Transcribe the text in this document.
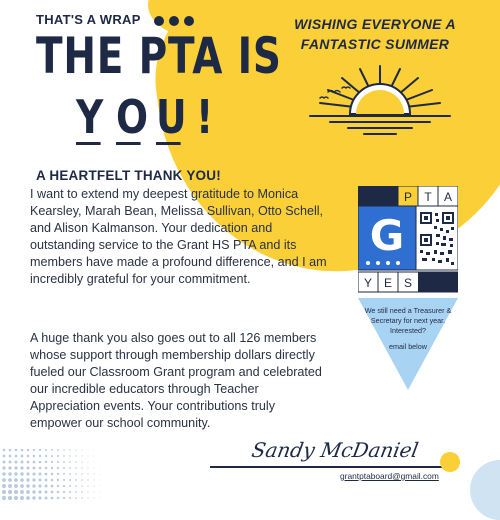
THAT'S A WRAP
THE PTA IS
Y O U !
WISHING EVERYONE A
FANTASTIC SUMMER
A HEARTFELT THANK YOU!
I want to extend my deepest gratitude to Monica Kearsley, Marah Bean, Melissa Sullivan, Otto Schell, and Alison Kalmanson. Your dedication and outstanding service to the Grant HS PTA and its members have made a profound difference, and I am incredibly grateful for your commitment.
A huge thank you also goes out to all 126 members whose support through membership dollars directly fueled our Classroom Grant program and celebrated our incredible educators through Teacher Appreciation events. Your contributions truly empower our school community.
P T A
G
Y E S
We still need a Treasurer & Secretary for next year. Interested?
email below
Sandy McDaniel
grantptaboard@gmail.com
